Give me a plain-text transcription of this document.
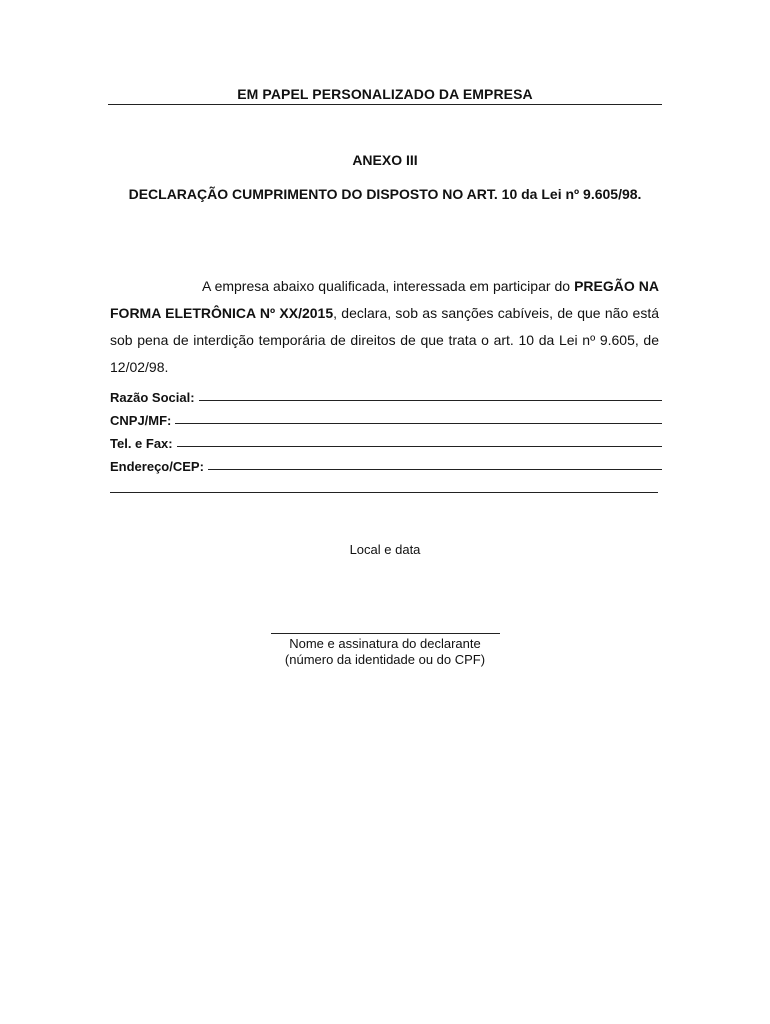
EM PAPEL PERSONALIZADO DA EMPRESA
ANEXO III
DECLARAÇÃO CUMPRIMENTO DO DISPOSTO NO ART. 10 da Lei nº 9.605/98.

A empresa abaixo qualificada, interessada em participar do PREGÃO NA FORMA ELETRÔNICA Nº XX/2015, declara, sob as sanções cabíveis, de que não está sob pena de interdição temporária de direitos de que trata o art. 10 da Lei nº 9.605, de 12/02/98.

Razão Social:
CNPJ/MF:
Tel. e Fax:
Endereço/CEP:
Local e data
Nome e assinatura do declarante
(número da identidade ou do CPF)
